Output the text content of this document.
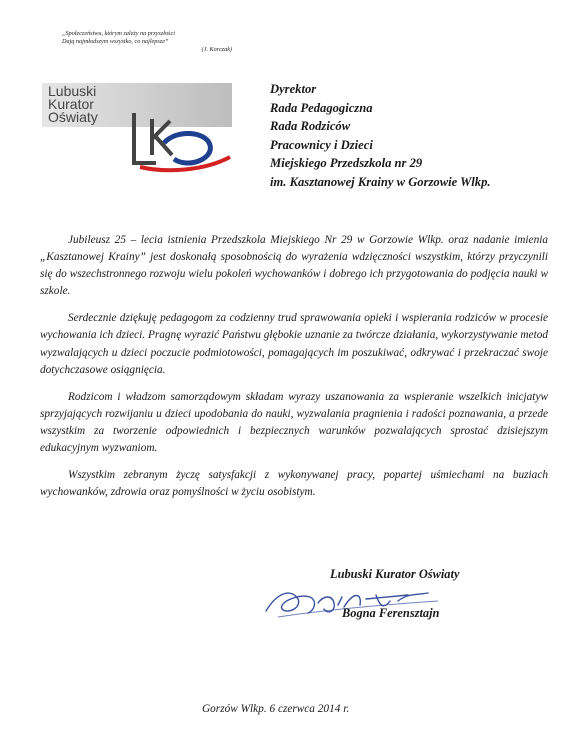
„Społeczeństwu, którym zależy na przyszłości
Dają najmłodszym wszystko, co najlepsze”
(J. Korczak)
Lubuski
Kurator
Oświaty
Dyrektor
Rada Pedagogiczna
Rada Rodziców
Pracownicy i Dzieci
Miejskiego Przedszkola nr 29
im. Kasztanowej Krainy w Gorzowie Wlkp.

Jubileusz 25 – lecia istnienia Przedszkola Miejskiego Nr 29 w Gorzowie Wlkp. oraz nadanie imienia „Kasztanowej Krainy” jest doskonałą sposobnością do wyrażenia wdzięczności wszystkim, którzy przyczynili się do wszechstronnego rozwoju wielu pokoleń wychowanków i dobrego ich przygotowania do podjęcia nauki w szkole.

Serdecznie dziękuję pedagogom za codzienny trud sprawowania opieki i wspierania rodziców w procesie wychowania ich dzieci. Pragnę wyrazić Państwu głębokie uznanie za twórcze działania, wykorzystywanie metod wyzwalających u dzieci poczucie podmiotowości, pomagających im poszukiwać, odkrywać i przekraczać swoje dotychczasowe osiągnięcia.

Rodzicom i władzom samorządowym składam wyrazy uszanowania za wspieranie wszelkich inicjatyw sprzyjających rozwijaniu u dzieci upodobania do nauki, wyzwalania pragnienia i radości poznawania, a przede wszystkim za tworzenie odpowiednich i bezpiecznych warunków pozwalających sprostać dzisiejszym edukacyjnym wyzwaniom.

Wszystkim zebranym życzę satysfakcji z wykonywanej pracy, popartej uśmiechami na buziach wychowanków, zdrowia oraz pomyślności w życiu osobistym.

Lubuski Kurator Oświaty
Bogna Ferensztajn
Gorzów Wlkp. 6 czerwca 2014 r.
